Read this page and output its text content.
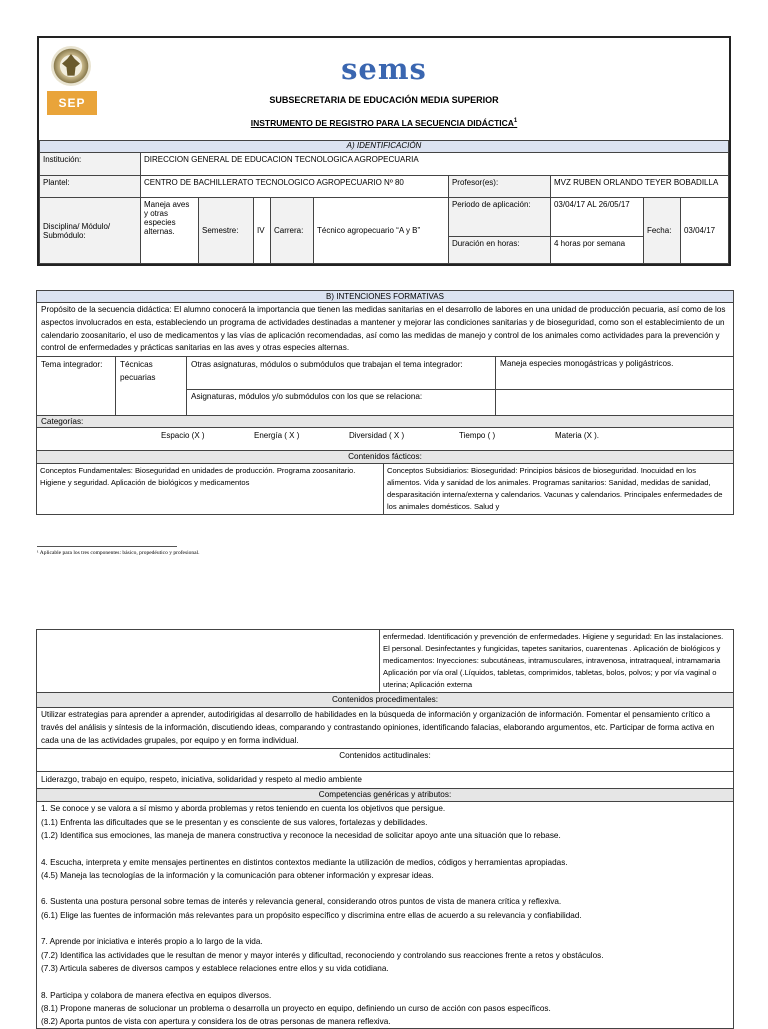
SEP
sems
SUBSECRETARIA DE EDUCACIÓN MEDIA SUPERIOR
INSTRUMENTO DE REGISTRO PARA LA SECUENCIA DIDÁCTICA$^1$
A) IDENTIFICACIÓN
Institución:	DIRECCION GENERAL DE EDUCACION TECNOLOGICA AGROPECUARIA
Plantel:	CENTRO DE BACHILLERATO TECNOLOGICO AGROPECUARIO Nº 80	Profesor(es):	MVZ RUBEN ORLANDO TEYER BOBADILLA
Disciplina/ Módulo/ Submódulo:	Maneja aves y otras especies alternas.	Semestre:	IV	Carrera:	Técnico agropecuario “A y B”
	Periodo de aplicación:	03/04/17 AL 26/05/17	Fecha:	03/04/17
Duración en horas:	4 horas por semana
B) INTENCIONES FORMATIVAS
Propósito de la secuencia didáctica: El alumno conocerá la importancia que tienen las medidas sanitarias en el desarrollo de labores en una unidad de producción pecuaria, así como de los aspectos involucrados en esta, estableciendo un programa de actividades destinadas a mantener y mejorar las condiciones sanitarias y de bioseguridad, como son el establecimiento de un calendario zoosanitario, el uso de medicamentos y las vías de aplicación recomendadas, así como las medidas de manejo y control de los animales como actividades para la prevención y control de enfermedades y prácticas sanitarias en las aves y otras especies alternas.
Tema integrador:	Técnicas pecuarias	Otras asignaturas, módulos o submódulos que trabajan el tema integrador:	Maneja especies monogástricas y poligástricos.
		Asignaturas, módulos y/o submódulos con los que se relaciona:	
Categorías:
Espacio (X )	Energía ( X )	Diversidad ( X )	Tiempo ( )	Materia (X ).
Contenidos fácticos:
Conceptos Fundamentales: Bioseguridad en unidades de producción. Programa zoosanitario. Higiene y seguridad. Aplicación de biológicos y medicamentos	Conceptos Subsidiarios: Bioseguridad: Principios básicos de bioseguridad. Inocuidad en los alimentos. Vida y sanidad de los animales. Programas sanitarios: Sanidad, medidas de sanidad, desparasitación interna/externa y calendarios. Vacunas y calendarios. Principales enfermedades de los animales domésticos. Salud y
¹ Aplicable para los tres componentes: básico, propedéutico y profesional.
	enfermedad. Identificación y prevención de enfermedades. Higiene y seguridad: En las instalaciones. El personal. Desinfectantes y fungicidas, tapetes sanitarios, cuarentenas . Aplicación de biológicos y medicamentos: Inyecciones: subcutáneas, intramusculares, intravenosa, intratraqueal, intramamaria Aplicación por vía oral (.Líquidos, tabletas, comprimidos, tabletas, bolos, polvos; y por vía vaginal o uterina; Aplicación externa
Contenidos procedimentales:
Utilizar estrategias para aprender a aprender, autodirigidas al desarrollo de habilidades en la búsqueda de información y organización de información. Fomentar el pensamiento crítico a través del análisis y síntesis de la información, discutiendo ideas, comparando y contrastando opiniones, identificando falacias, elaborando argumentos, etc. Participar de forma activa en cada una de las actividades grupales, por equipo y en forma individual.
Contenidos actitudinales:
Liderazgo, trabajo en equipo, respeto, iniciativa, solidaridad y respeto al medio ambiente
Competencias genéricas y atributos:
1. Se conoce y se valora a sí mismo y aborda problemas y retos teniendo en cuenta los objetivos que persigue.
(1.1) Enfrenta las dificultades que se le presentan y es consciente de sus valores, fortalezas y debilidades.
(1.2) Identifica sus emociones, las maneja de manera constructiva y reconoce la necesidad de solicitar apoyo ante una situación que lo rebase.
4. Escucha, interpreta y emite mensajes pertinentes en distintos contextos mediante la utilización de medios, códigos y herramientas apropiadas.
(4.5) Maneja las tecnologías de la información y la comunicación para obtener información y expresar ideas.
6. Sustenta una postura personal sobre temas de interés y relevancia general, considerando otros puntos de vista de manera crítica y reflexiva.
(6.1) Elige las fuentes de información más relevantes para un propósito específico y discrimina entre ellas de acuerdo a su relevancia y confiabilidad.
7. Aprende por iniciativa e interés propio a lo largo de la vida.
(7.2) Identifica las actividades que le resultan de menor y mayor interés y dificultad, reconociendo y controlando sus reacciones frente a retos y obstáculos.
(7.3) Articula saberes de diversos campos y establece relaciones entre ellos y su vida cotidiana.
8. Participa y colabora de manera efectiva en equipos diversos.
(8.1) Propone maneras de solucionar un problema o desarrolla un proyecto en equipo, definiendo un curso de acción con pasos específicos.
(8.2) Aporta puntos de vista con apertura y considera los de otras personas de manera reflexiva.
